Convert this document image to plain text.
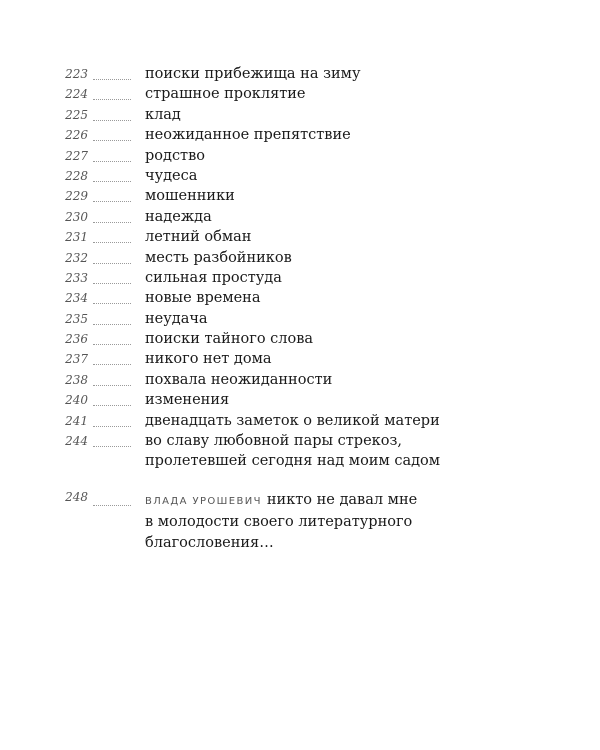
223	поиски прибежища на зиму
224	страшное проклятие
225	клад
226	неожиданное препятствие
227	родство
228	чудеса
229	мошенники
230	надежда
231	летний обман
232	месть разбойников
233	сильная простуда
234	новые времена
235	неудача
236	поиски тайного слова
237	никого нет дома
238	похвала неожиданности
240	изменения
241	двенадцать заметок о великой матери
244	во славу любовной пары стрекоз,
пролетевшей сегодня над моим садом
248	ВЛАДА УРОШЕВИЧ никто не давал мне
в молодости своего литературного
благословения…
